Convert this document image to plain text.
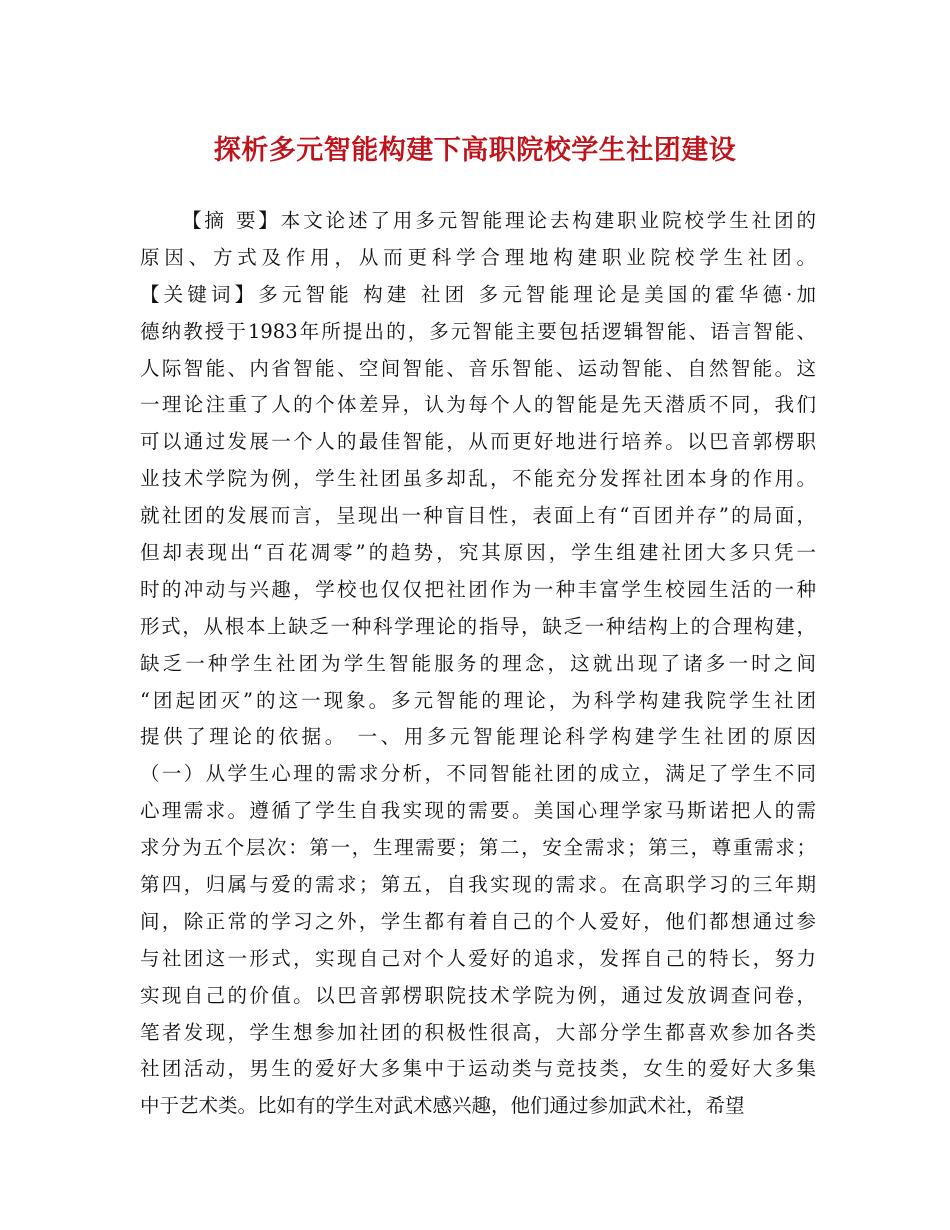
探析多元智能构建下高职院校学生社团建设
【摘 要】本文论述了用多元智能理论去构建职业院校学生社团的
原因、方式及作用，从而更科学合理地构建职业院校学生社团。
【关键词】多元智能 构建 社团 多元智能理论是美国的霍华德·加
德纳教授于1983年所提出的，多元智能主要包括逻辑智能、语言智能、
人际智能、内省智能、空间智能、音乐智能、运动智能、自然智能。这
一理论注重了人的个体差异，认为每个人的智能是先天潜质不同，我们
可以通过发展一个人的最佳智能，从而更好地进行培养。以巴音郭楞职
业技术学院为例，学生社团虽多却乱，不能充分发挥社团本身的作用。
就社团的发展而言，呈现出一种盲目性，表面上有“百团并存”的局面，
但却表现出“百花凋零”的趋势，究其原因，学生组建社团大多只凭一
时的冲动与兴趣，学校也仅仅把社团作为一种丰富学生校园生活的一种
形式，从根本上缺乏一种科学理论的指导，缺乏一种结构上的合理构建，
缺乏一种学生社团为学生智能服务的理念，这就出现了诸多一时之间
“团起团灭”的这一现象。多元智能的理论，为科学构建我院学生社团
提供了理论的依据。 一、用多元智能理论科学构建学生社团的原因
（一）从学生心理的需求分析，不同智能社团的成立，满足了学生不同
心理需求。遵循了学生自我实现的需要。美国心理学家马斯诺把人的需
求分为五个层次：第一，生理需要；第二，安全需求；第三，尊重需求；
第四，归属与爱的需求；第五，自我实现的需求。在高职学习的三年期
间，除正常的学习之外，学生都有着自己的个人爱好，他们都想通过参
与社团这一形式，实现自己对个人爱好的追求，发挥自己的特长，努力
实现自己的价值。以巴音郭楞职院技术学院为例，通过发放调查问卷，
笔者发现，学生想参加社团的积极性很高，大部分学生都喜欢参加各类
社团活动，男生的爱好大多集中于运动类与竞技类，女生的爱好大多集
中于艺术类。比如有的学生对武术感兴趣，他们通过参加武术社，希望
